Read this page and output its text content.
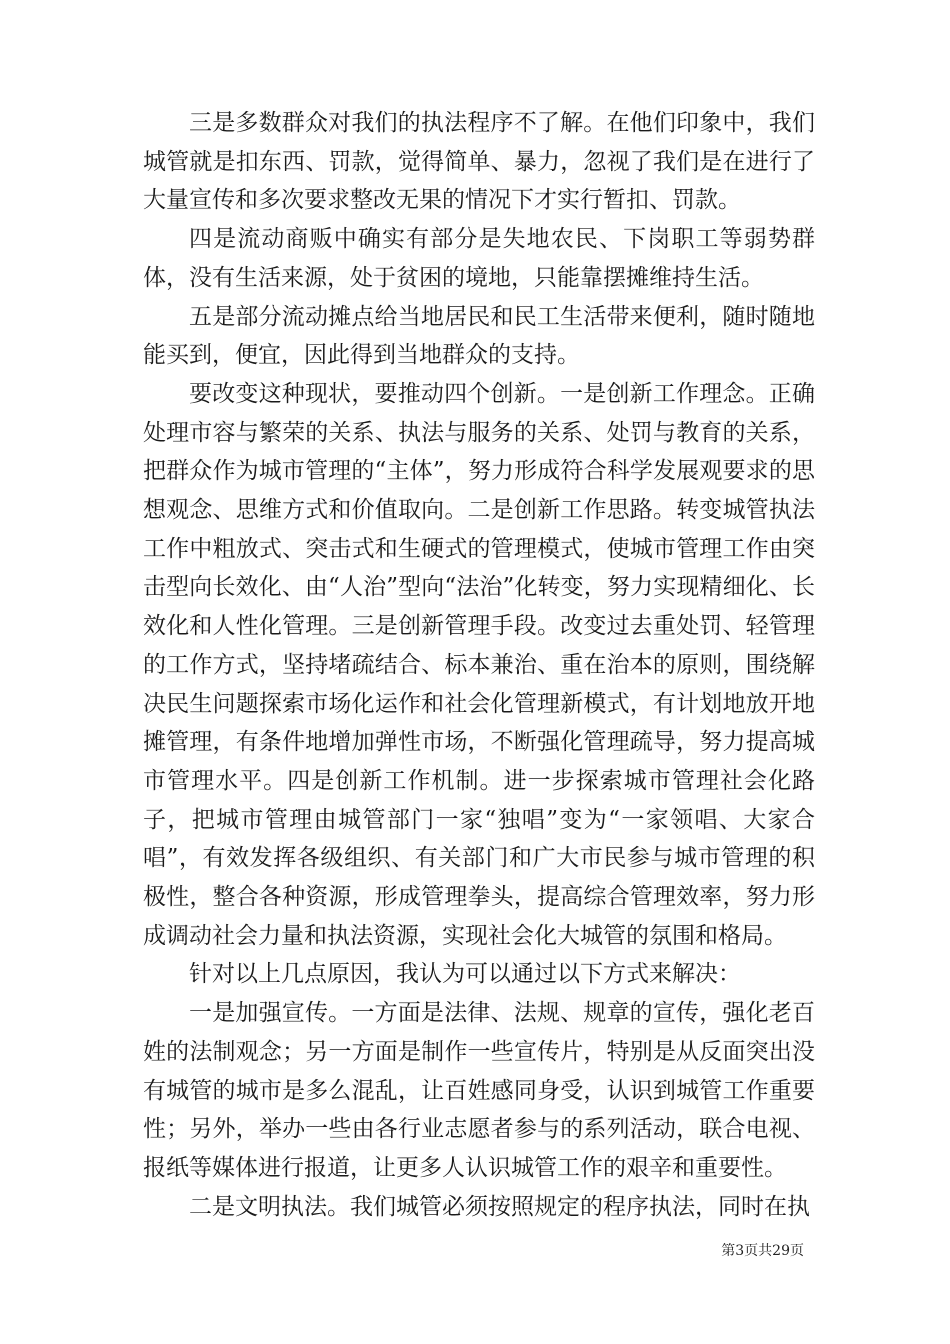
三是多数群众对我们的执法程序不了解。在他们印象中，我们城管就是扣东西、罚款，觉得简单、暴力，忽视了我们是在进行了大量宣传和多次要求整改无果的情况下才实行暂扣、罚款。

四是流动商贩中确实有部分是失地农民、下岗职工等弱势群体，没有生活来源，处于贫困的境地，只能靠摆摊维持生活。

五是部分流动摊点给当地居民和民工生活带来便利，随时随地能买到，便宜，因此得到当地群众的支持。

要改变这种现状，要推动四个创新。一是创新工作理念。正确处理市容与繁荣的关系、执法与服务的关系、处罚与教育的关系，把群众作为城市管理的“主体”，努力形成符合科学发展观要求的思想观念、思维方式和价值取向。二是创新工作思路。转变城管执法工作中粗放式、突击式和生硬式的管理模式，使城市管理工作由突击型向长效化、由“人治”型向“法治”化转变，努力实现精细化、长效化和人性化管理。三是创新管理手段。改变过去重处罚、轻管理的工作方式，坚持堵疏结合、标本兼治、重在治本的原则，围绕解决民生问题探索市场化运作和社会化管理新模式，有计划地放开地摊管理，有条件地增加弹性市场，不断强化管理疏导，努力提高城市管理水平。四是创新工作机制。进一步探索城市管理社会化路子，把城市管理由城管部门一家“独唱”变为“一家领唱、大家合唱”，有效发挥各级组织、有关部门和广大市民参与城市管理的积极性，整合各种资源，形成管理拳头，提高综合管理效率，努力形成调动社会力量和执法资源，实现社会化大城管的氛围和格局。

针对以上几点原因，我认为可以通过以下方式来解决：

一是加强宣传。一方面是法律、法规、规章的宣传，强化老百姓的法制观念；另一方面是制作一些宣传片，特别是从反面突出没有城管的城市是多么混乱，让百姓感同身受，认识到城管工作重要性；另外，举办一些由各行业志愿者参与的系列活动，联合电视、报纸等媒体进行报道，让更多人认识城管工作的艰辛和重要性。

二是文明执法。我们城管必须按照规定的程序执法，同时在执

第3页共29页
